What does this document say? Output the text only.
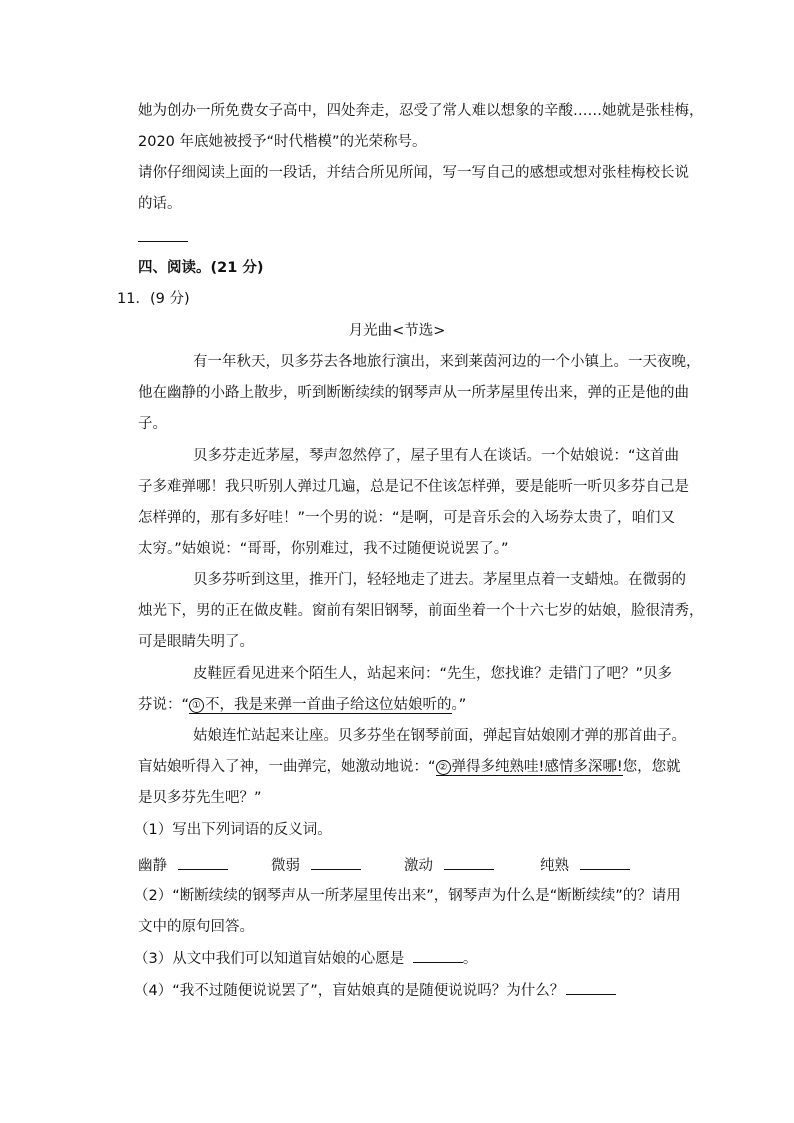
她为创办一所免费女子高中，四处奔走，忍受了常人难以想象的辛酸……她就是张桂梅，
2020 年底她被授予“时代楷模”的光荣称号。
请你仔细阅读上面的一段话，并结合所见所闻，写一写自己的感想或想对张桂梅校长说
的话。
四、阅读。(21 分)
11．(9 分)
月光曲<节选>
有一年秋天，贝多芬去各地旅行演出，来到莱茵河边的一个小镇上。一天夜晚，
他在幽静的小路上散步，听到断断续续的钢琴声从一所茅屋里传出来，弹的正是他的曲
子。
贝多芬走近茅屋，琴声忽然停了，屋子里有人在谈话。一个姑娘说：“这首曲
子多难弹哪！我只听别人弹过几遍，总是记不住该怎样弹，要是能听一听贝多芬自己是
怎样弹的，那有多好哇！”一个男的说：“是啊，可是音乐会的入场券太贵了，咱们又
太穷。”姑娘说：“哥哥，你别难过，我不过随便说说罢了。”
贝多芬听到这里，推开门，轻轻地走了进去。茅屋里点着一支蜡烛。在微弱的
烛光下，男的正在做皮鞋。窗前有架旧钢琴，前面坐着一个十六七岁的姑娘，脸很清秀，
可是眼睛失明了。
皮鞋匠看见进来个陌生人，站起来问：“先生，您找谁？走错门了吧？”贝多
芬说：“ ① 不，我是来弹一首曲子给这位姑娘听的。”
姑娘连忙站起来让座。贝多芬坐在钢琴前面，弹起盲姑娘刚才弹的那首曲子。
盲姑娘听得入了神，一曲弹完，她激动地说：“ ② 弹得多纯熟哇!感情多深哪!您，您就
是贝多芬先生吧？”
（1）写出下列词语的反义词。
幽静	微弱	激动	纯熟
（2）“断断续续的钢琴声从一所茅屋里传出来”，钢琴声为什么是“断断续续”的？请用
文中的原句回答。
（3）从文中我们可以知道盲姑娘的心愿是	。
（4）“我不过随便说说罢了”，盲姑娘真的是随便说说吗？为什么？
